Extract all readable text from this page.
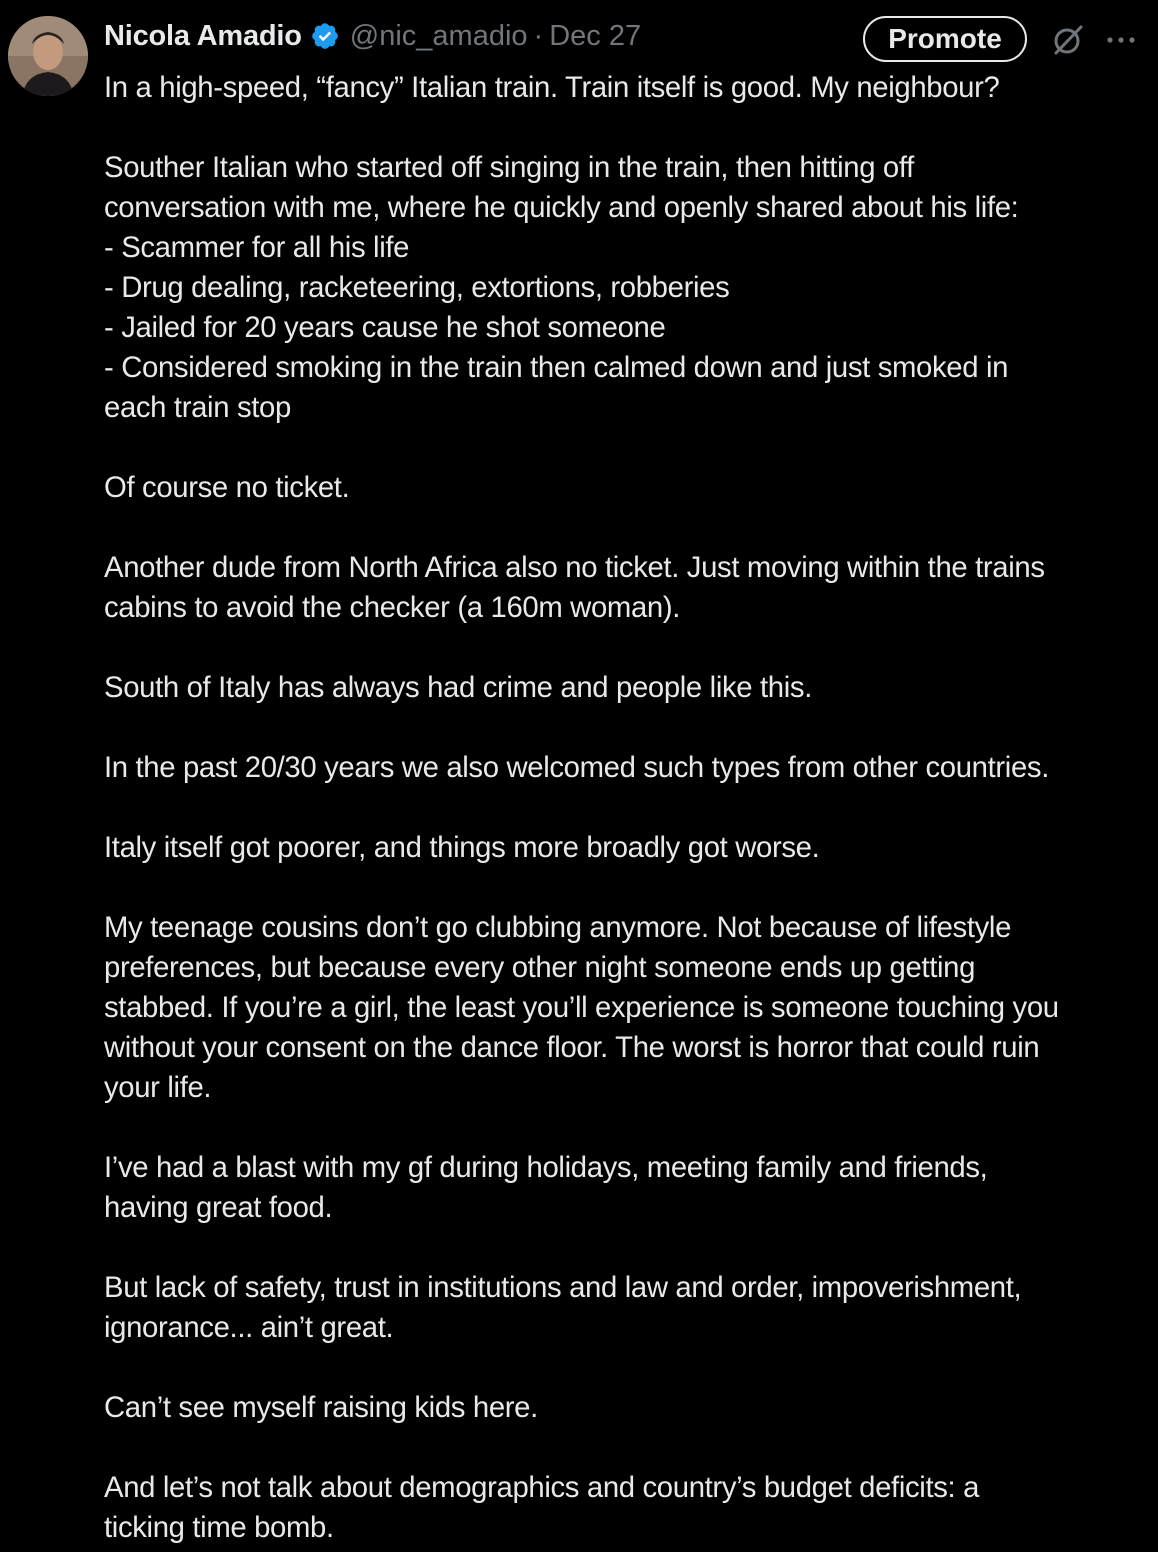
Nicola Amadio @nic_amadio · Dec 27	Promote

In a high-speed, “fancy” Italian train. Train itself is good. My neighbour?

Souther Italian who started off singing in the train, then hitting off
conversation with me, where he quickly and openly shared about his life:
- Scammer for all his life
- Drug dealing, racketeering, extortions, robberies
- Jailed for 20 years cause he shot someone
- Considered smoking in the train then calmed down and just smoked in
each train stop

Of course no ticket.

Another dude from North Africa also no ticket. Just moving within the trains
cabins to avoid the checker (a 160m woman).

South of Italy has always had crime and people like this.

In the past 20/30 years we also welcomed such types from other countries.

Italy itself got poorer, and things more broadly got worse.

My teenage cousins don’t go clubbing anymore. Not because of lifestyle
preferences, but because every other night someone ends up getting
stabbed. If you’re a girl, the least you’ll experience is someone touching you
without your consent on the dance floor. The worst is horror that could ruin
your life.

I’ve had a blast with my gf during holidays, meeting family and friends,
having great food.

But lack of safety, trust in institutions and law and order, impoverishment,
ignorance... ain’t great.

Can’t see myself raising kids here.

And let’s not talk about demographics and country’s budget deficits: a
ticking time bomb.
